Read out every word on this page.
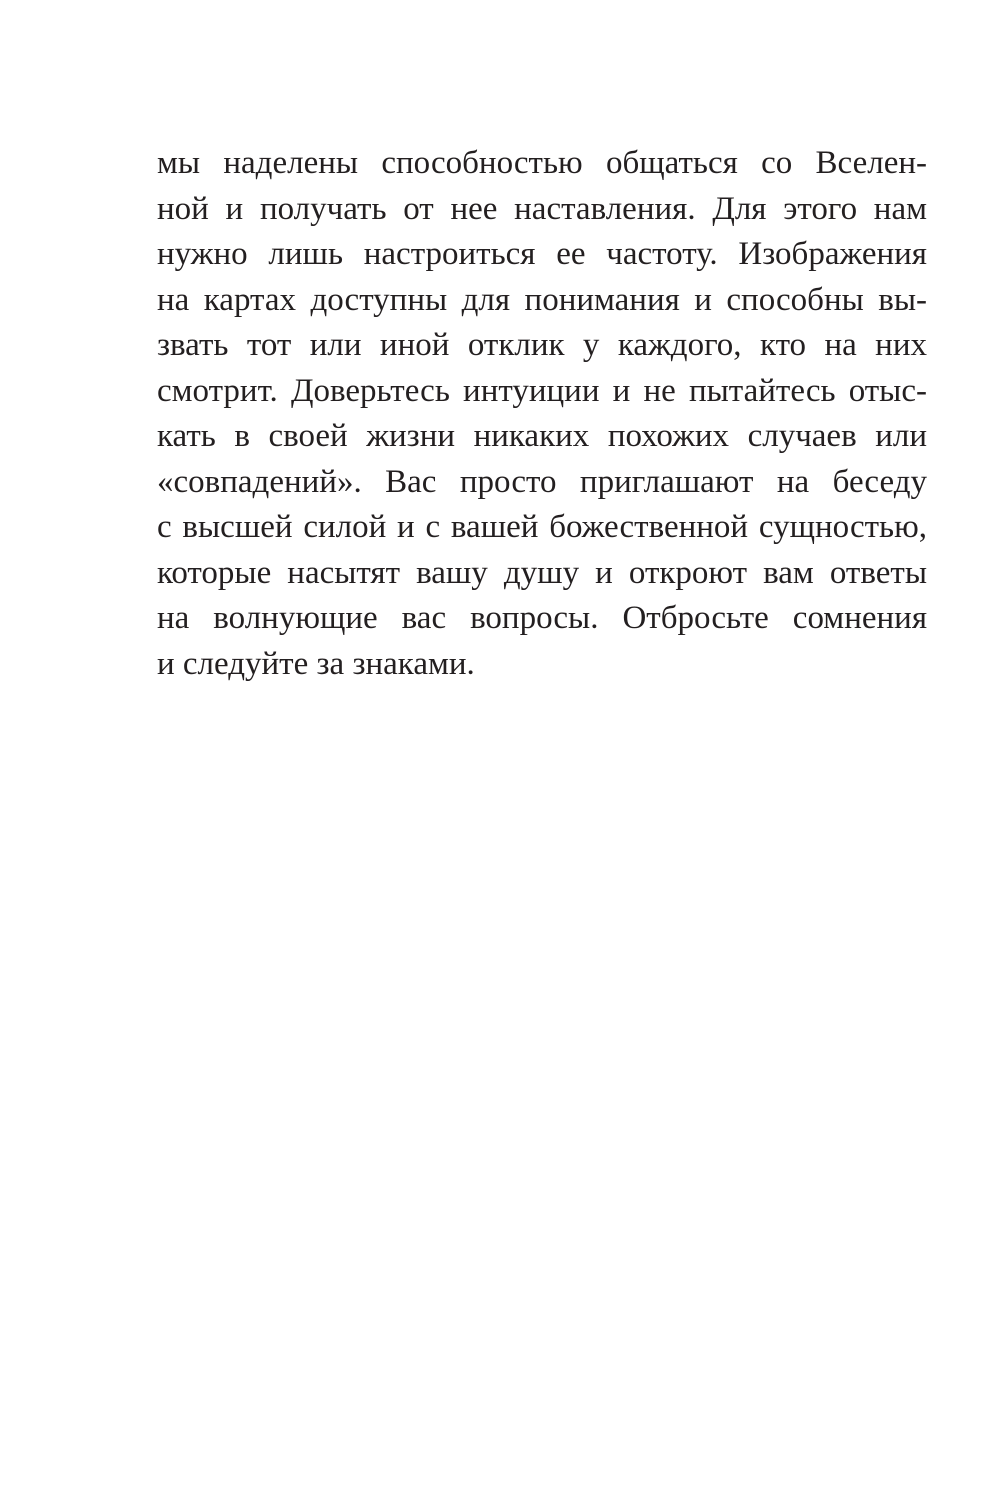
мы наделены способностью общаться со Вселен-
ной и получать от нее наставления. Для этого нам
нужно лишь настроиться ее частоту. Изображения
на картах доступны для понимания и способны вы-
звать тот или иной отклик у каждого, кто на них
смотрит. Доверьтесь интуиции и не пытайтесь отыс-
кать в своей жизни никаких похожих случаев или
«совпадений». Вас просто приглашают на беседу
с высшей силой и с вашей божественной сущностью,
которые насытят вашу душу и откроют вам ответы
на волнующие вас вопросы. Отбросьте сомнения
и следуйте за знаками.
